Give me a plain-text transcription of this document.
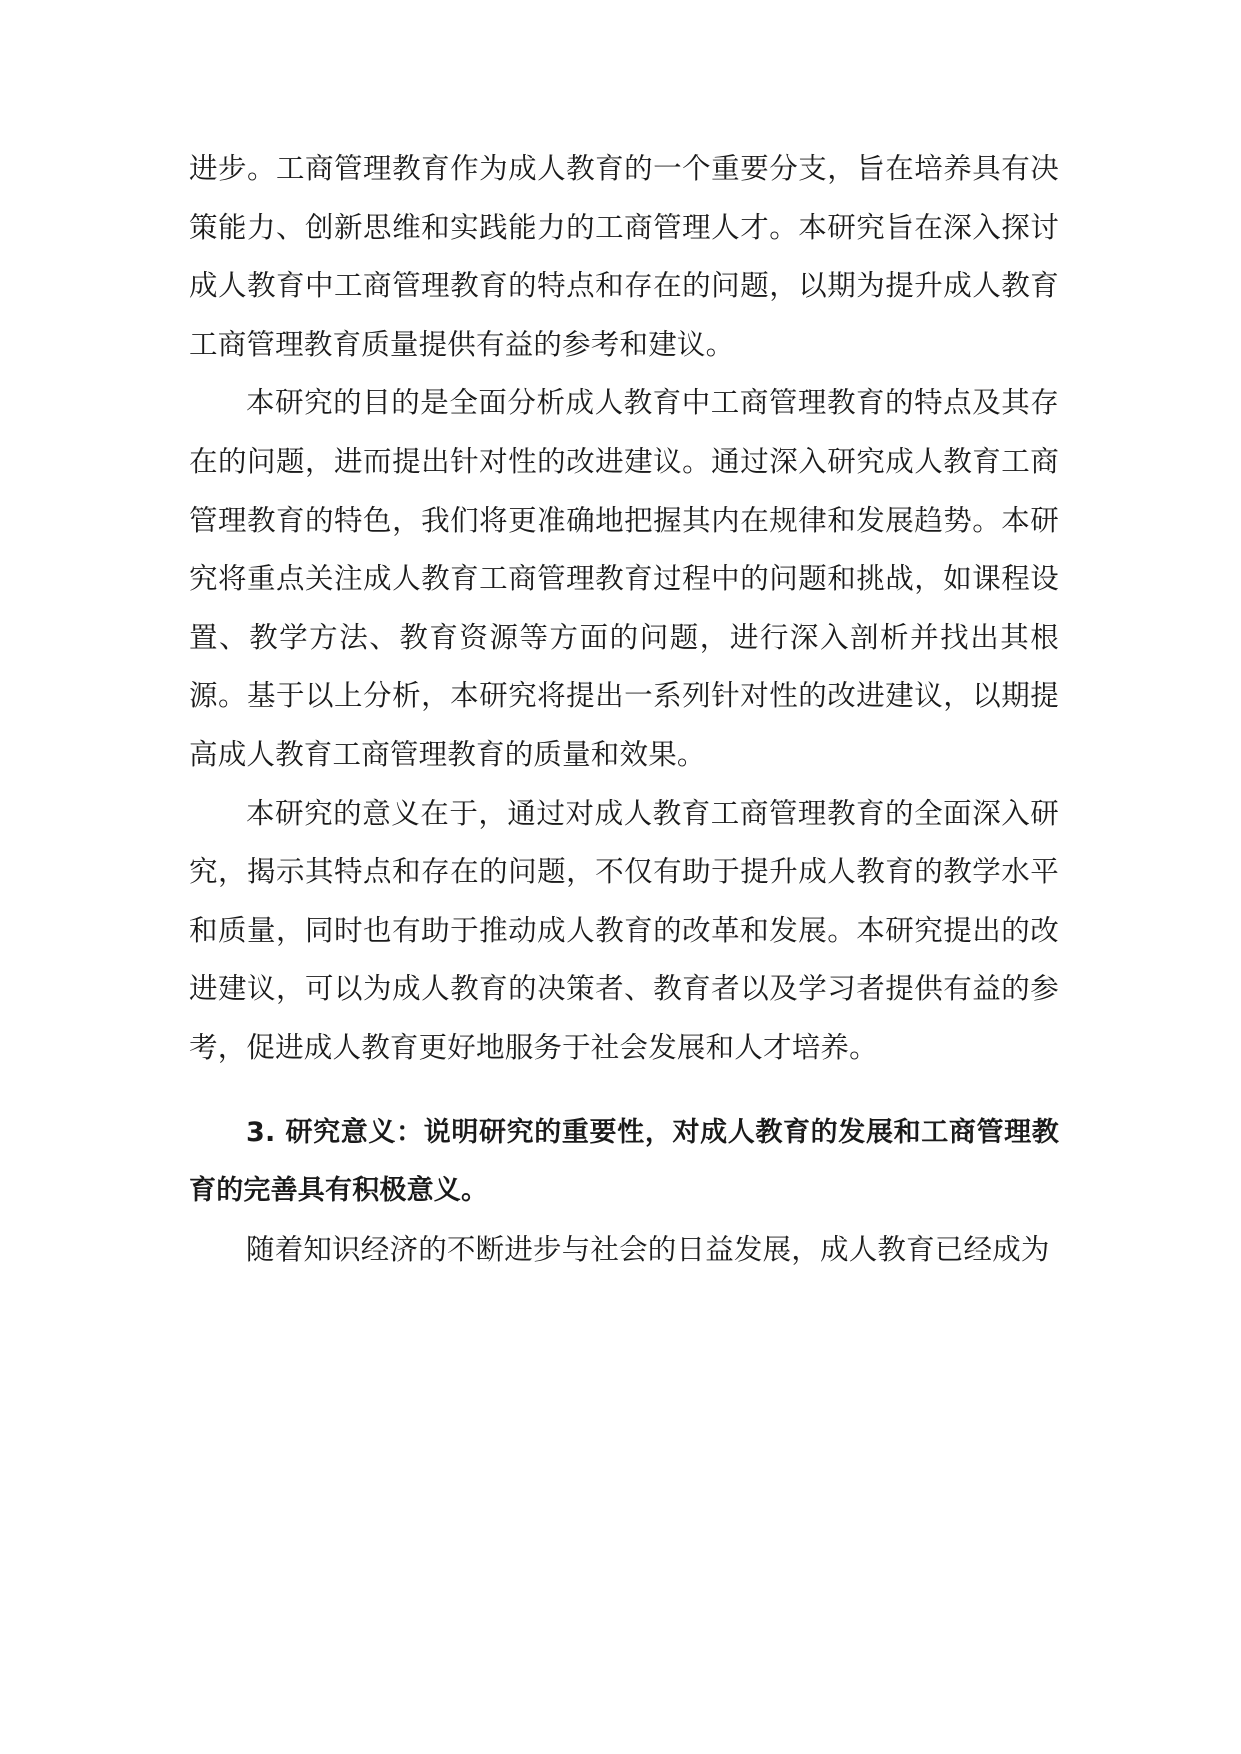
进步。工商管理教育作为成人教育的一个重要分支，旨在培养具有决策能力、创新思维和实践能力的工商管理人才。本研究旨在深入探讨成人教育中工商管理教育的特点和存在的问题，以期为提升成人教育工商管理教育质量提供有益的参考和建议。

本研究的目的是全面分析成人教育中工商管理教育的特点及其存在的问题，进而提出针对性的改进建议。通过深入研究成人教育工商管理教育的特色，我们将更准确地把握其内在规律和发展趋势。本研究将重点关注成人教育工商管理教育过程中的问题和挑战，如课程设置、教学方法、教育资源等方面的问题，进行深入剖析并找出其根源。基于以上分析，本研究将提出一系列针对性的改进建议，以期提高成人教育工商管理教育的质量和效果。

本研究的意义在于，通过对成人教育工商管理教育的全面深入研究，揭示其特点和存在的问题，不仅有助于提升成人教育的教学水平和质量，同时也有助于推动成人教育的改革和发展。本研究提出的改进建议，可以为成人教育的决策者、教育者以及学习者提供有益的参考，促进成人教育更好地服务于社会发展和人才培养。

3. 研究意义：说明研究的重要性，对成人教育的发展和工商管理教育的完善具有积极意义。

随着知识经济的不断进步与社会的日益发展，成人教育已经成为
